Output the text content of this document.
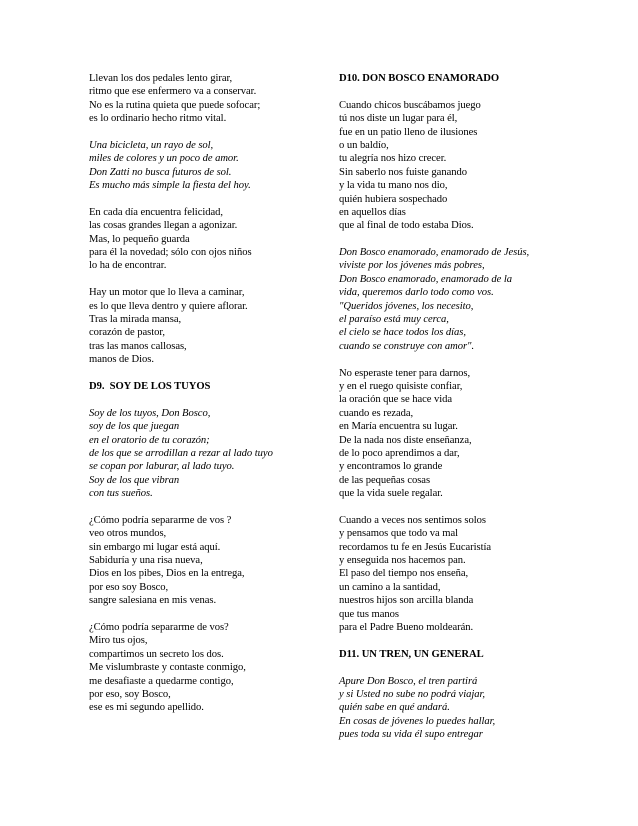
Llevan los dos pedales lento girar,
ritmo que ese enfermero va a conservar.
No es la rutina quieta que puede sofocar;
es lo ordinario hecho ritmo vital.
Una bicicleta, un rayo de sol,
miles de colores y un poco de amor.
Don Zatti no busca futuros de sol.
Es mucho más simple la fiesta del hoy.
En cada día encuentra felicidad,
las cosas grandes llegan a agonizar.
Mas, lo pequeño guarda
para él la novedad; sólo con ojos niños
lo ha de encontrar.
Hay un motor que lo lleva a caminar,
es lo que lleva dentro y quiere aflorar.
Tras la mirada mansa,
corazón de pastor,
tras las manos callosas,
manos de Dios.
D9.  SOY DE LOS TUYOS
Soy de los tuyos, Don Bosco,
soy de los que juegan
en el oratorio de tu corazón;
de los que se arrodillan a rezar al lado tuyo
se copan por laburar, al lado tuyo.
Soy de los que vibran
con tus sueños.
¿Cómo podría separarme de vos ?
veo otros mundos,
sin embargo mi lugar está aquí.
Sabiduría y una risa nueva,
Dios en los pibes, Dios en la entrega,
por eso soy Bosco,
sangre salesiana en mis venas.
¿Cómo podría separarme de vos?
Miro tus ojos,
compartimos un secreto los dos.
Me vislumbraste y contaste conmigo,
me desafiaste a quedarme contigo,
por eso, soy Bosco,
ese es mi segundo apellido.
D10. DON BOSCO ENAMORADO
Cuando chicos buscábamos juego
tú nos diste un lugar para él,
fue en un patio lleno de ilusiones
o un baldío,
tu alegría nos hizo crecer.
Sin saberlo nos fuiste ganando
y la vida tu mano nos dio,
quién hubiera sospechado
en aquellos días
que al final de todo estaba Dios.
Don Bosco enamorado, enamorado de Jesús,
viviste por los jóvenes más pobres,
Don Bosco enamorado, enamorado de la
vida, queremos darlo todo como vos.
"Queridos jóvenes, los necesito,
el paraíso está muy cerca,
el cielo se hace todos los días,
cuando se construye con amor".
No esperaste tener para darnos,
y en el ruego quisiste confiar,
la oración que se hace vida
cuando es rezada,
en María encuentra su lugar.
De la nada nos diste enseñanza,
de lo poco aprendimos a dar,
y encontramos lo grande
de las pequeñas cosas
que la vida suele regalar.
Cuando a veces nos sentimos solos
y pensamos que todo va mal
recordamos tu fe en Jesús Eucaristía
y enseguida nos hacemos pan.
El paso del tiempo nos enseña,
un camino a la santidad,
nuestros hijos son arcilla blanda
que tus manos
para el Padre Bueno moldearán.
D11. UN TREN, UN GENERAL
Apure Don Bosco, el tren partirá
y si Usted no sube no podrá viajar,
quién sabe en qué andará.
En cosas de jóvenes lo puedes hallar,
pues toda su vida él supo entregar
